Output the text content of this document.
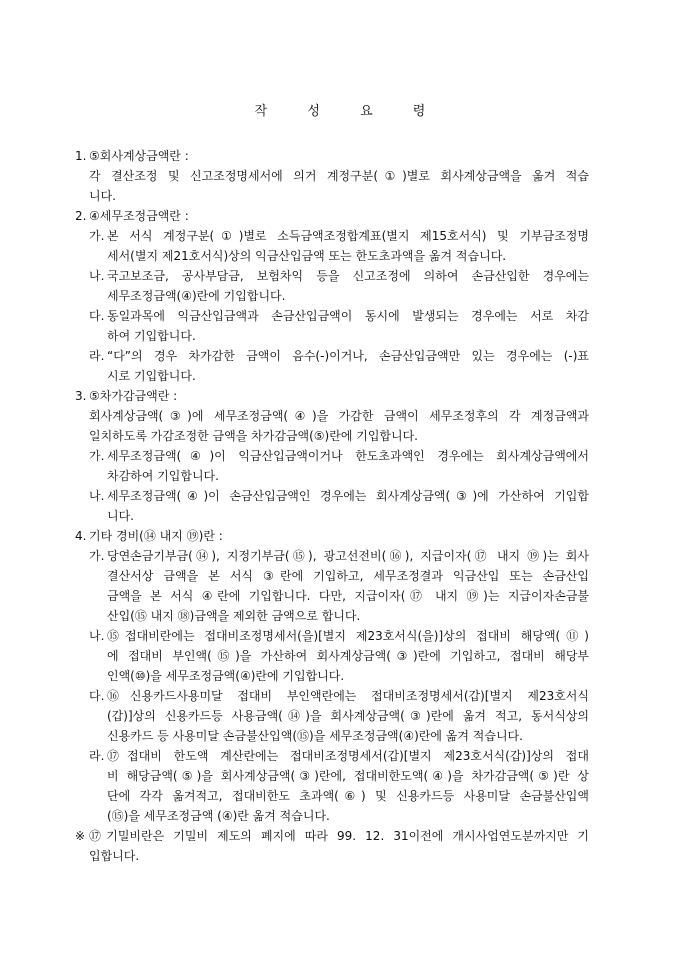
작	성	요	령
1. ⑤회사계상금액란 :
각 결산조정 및 신고조정명세서에 의거 계정구분(①)별로 회사계상금액을 옮겨 적습
니다.
2. ④세무조정금액란 :
가. 본 서식 계정구분(①)별로 소득금액조정합계표(별지 제15호서식) 및 기부금조정명
세서(별지 제21호서식)상의 익금산입금액 또는 한도초과액을 옮겨 적습니다.
나. 국고보조금, 공사부담금, 보험차익 등을 신고조정에 의하여 손금산입한 경우에는
세무조정금액(④)란에 기입합니다.
다. 동일과목에 익금산입금액과 손금산입금액이 동시에 발생되는 경우에는 서로 차감
하여 기입합니다.
라. “다”의 경우 차가감한 금액이 음수(-)이거나, 손금산입금액만 있는 경우에는 (-)표
시로 기입합니다.
3. ⑤차가감금액란 :
회사계상금액(③)에 세무조정금액(④)을 가감한 금액이 세무조정후의 각 계정금액과
일치하도록 가감조정한 금액을 차가감금액(⑤)란에 기입합니다.
가. 세무조정금액(④)이 익금산입금액이거나 한도초과액인 경우에는 회사계상금액에서
차감하여 기입합니다.
나. 세무조정금액(④)이 손금산입금액인 경우에는 회사계상금액(③)에 가산하여 기입합
니다.
4. 기타 경비(⑭ 내지 ⑲)란 :
가. 당연손금기부금(⑭), 지정기부금(⑮), 광고선전비(⑯), 지급이자(⑰ 내지 ⑲)는 회사
결산서상 금액을 본 서식 ③란에 기입하고, 세무조정결과 익금산입 또는 손금산입
금액을 본 서식 ④란에 기입합니다. 다만, 지급이자(⑰ 내지 ⑲)는 지급이자손금불
산입(⑮ 내지 ⑱)금액을 제외한 금액으로 합니다.
나. ⑮접대비란에는 접대비조정명세서(을)[별지 제23호서식(을)]상의 접대비 해당액(⑪)
에 접대비 부인액(⑮)을 가산하여 회사계상금액(③)란에 기입하고, 접대비 해당부
인액(⑩)을 세무조정금액(④)란에 기입합니다.
다. ⑯신용카드사용미달 접대비 부인액란에는 접대비조정명세서(갑)[별지 제23호서식
(갑)]상의 신용카드등 사용금액(⑭)을 회사계상금액(③)란에 옮겨 적고, 동서식상의
신용카드 등 사용미달 손금불산입액(⑮)을 세무조정금액(④)란에 옮겨 적습니다.
라. ⑰접대비 한도액 계산란에는 접대비조정명세서(갑)[별지 제23호서식(갑)]상의 접대
비 해당금액(⑤)을 회사계상금액(③)란에, 접대비한도액(④)을 차가감금액(⑤)란 상
단에 각각 옮겨적고, 접대비한도 초과액(⑥) 및 신용카드등 사용미달 손금불산입액
(⑮)을 세무조정금액 (④)란 옮겨 적습니다.
※ ⑰기밀비란은 기밀비 제도의 폐지에 따라 99. 12. 31이전에 개시사업연도분까지만 기
입합니다.
